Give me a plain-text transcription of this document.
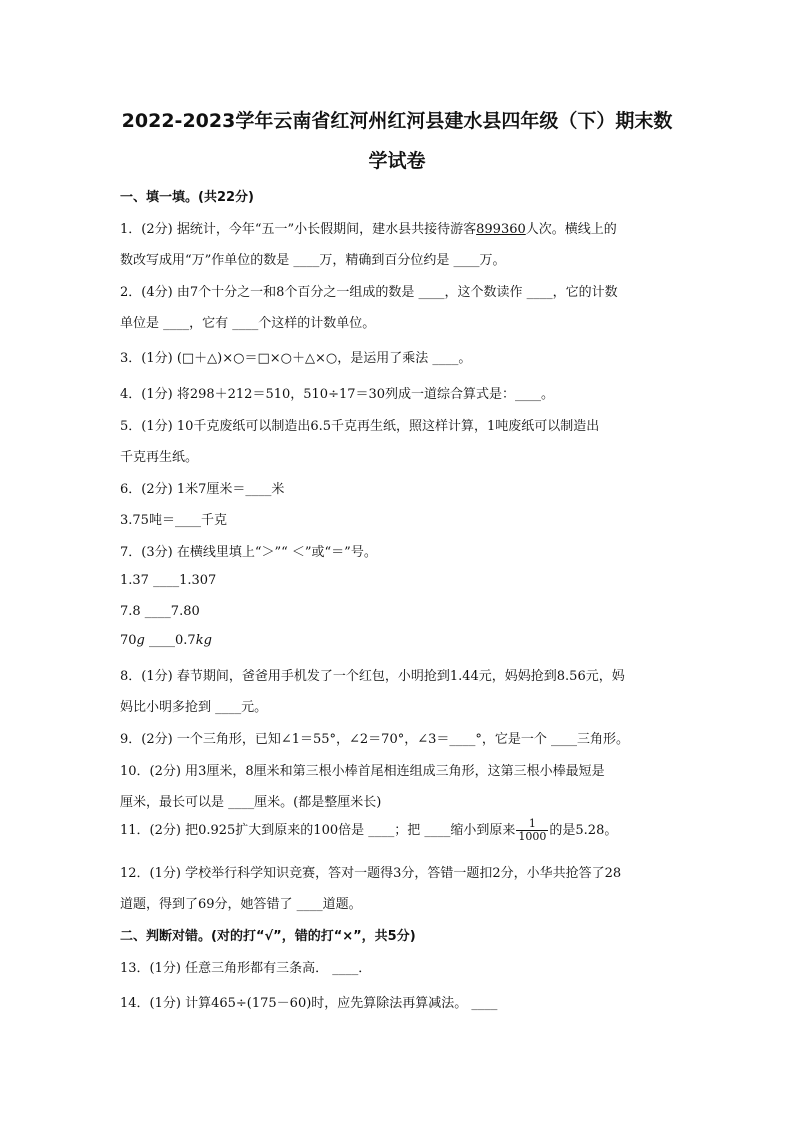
2022-2023学年云南省红河州红河县建水县四年级（下）期末数
学试卷
一、填一填。(共22分)
1．(2分) 据统计，今年“五一”小长假期间，建水县共接待游客899360人次。横线上的
数改写成用“万”作单位的数是 ____万，精确到百分位约是 ____万。
2．(4分) 由7个十分之一和8个百分之一组成的数是 ____，这个数读作 ____，它的计数
单位是 ____，它有 ____个这样的计数单位。
3．(1分) (□＋△)×○＝□×○＋△×○，是运用了乘法 ____。
4．(1分) 将298＋212＝510，510÷17＝30列成一道综合算式是：____。
5．(1分) 10千克废纸可以制造出6.5千克再生纸，照这样计算，1吨废纸可以制造出
千克再生纸。
6．(2分) 1米7厘米＝____米
3.75吨＝____千克
7．(3分) 在横线里填上“＞”“ ＜”或“＝”号。
1.37 ____1.307
7.8 ____7.80
70g ____0.7kg
8．(1分) 春节期间，爸爸用手机发了一个红包，小明抢到1.44元，妈妈抢到8.56元，妈
妈比小明多抢到 ____元。
9．(2分) 一个三角形，已知∠1＝55°，∠2＝70°，∠3＝____°，它是一个 ____三角形。
10．(2分) 用3厘米，8厘米和第三根小棒首尾相连组成三角形，这第三根小棒最短是
厘米，最长可以是 ____厘米。(都是整厘米长)
11．(2分) 把0.925扩大到原来的100倍是 ____；把 ____缩小到原来 $\frac{1}{1000}$ 的是5.28。
12．(1分) 学校举行科学知识竞赛，答对一题得3分，答错一题扣2分，小华共抢答了28
道题，得到了69分，她答错了 ____道题。
二、判断对错。(对的打“√”，错的打“×”，共5分)
13．(1分) 任意三角形都有三条高． ____．
14．(1分) 计算465÷(175－60)时，应先算除法再算减法。 ____
